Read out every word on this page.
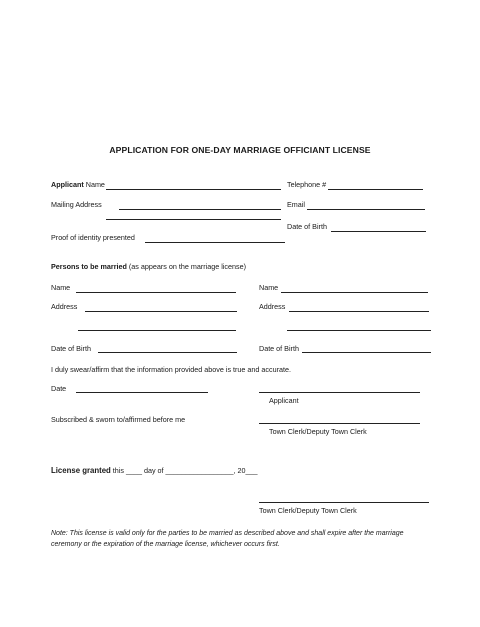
APPLICATION FOR ONE-DAY MARRIAGE OFFICIANT LICENSE
Applicant Name	Telephone #
Mailing Address	Email
Date of Birth
Proof of identity presented
Persons to be married (as appears on the marriage license)
Name	Name
Address	Address
Date of Birth	Date of Birth
I duly swear/affirm that the information provided above is true and accurate.
Date
Applicant
Subscribed & sworn to/affirmed before me
Town Clerk/Deputy Town Clerk
License granted this ____ day of _________________, 20___
Town Clerk/Deputy Town Clerk
Note: This license is valid only for the parties to be married as described above and shall expire after the marriage ceremony or the expiration of the marriage license, whichever occurs first.
